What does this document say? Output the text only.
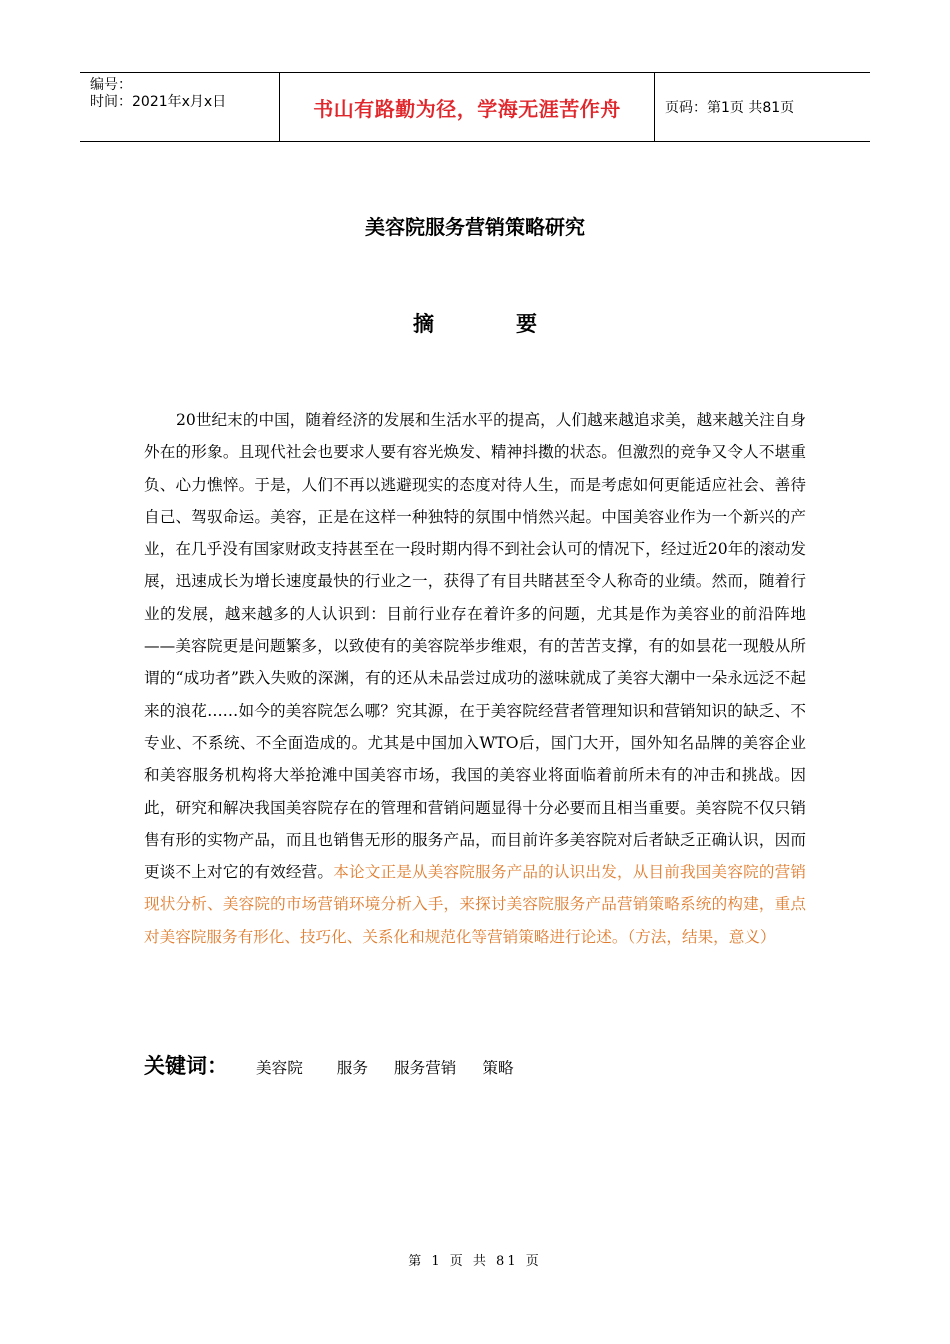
编号：
时间：2021年x月x日	书山有路勤为径，学海无涯苦作舟	页码：第1页 共81页
美容院服务营销策略研究
摘	要
20世纪末的中国，随着经济的发展和生活水平的提高，人们越来越追求美，越来越关注自身外在的形象。且现代社会也要求人要有容光焕发、精神抖擞的状态。但激烈的竞争又令人不堪重负、心力憔悴。于是，人们不再以逃避现实的态度对待人生，而是考虑如何更能适应社会、善待自己、驾驭命运。美容，正是在这样一种独特的氛围中悄然兴起。中国美容业作为一个新兴的产业，在几乎没有国家财政支持甚至在一段时期内得不到社会认可的情况下，经过近20年的滚动发展，迅速成长为增长速度最快的行业之一，获得了有目共睹甚至令人称奇的业绩。然而，随着行业的发展，越来越多的人认识到：目前行业存在着许多的问题，尤其是作为美容业的前沿阵地——美容院更是问题繁多，以致使有的美容院举步维艰，有的苦苦支撑，有的如昙花一现般从所谓的“成功者”跌入失败的深渊，有的还从未品尝过成功的滋味就成了美容大潮中一朵永远泛不起来的浪花……如今的美容院怎么哪？究其源，在于美容院经营者管理知识和营销知识的缺乏、不专业、不系统、不全面造成的。尤其是中国加入WTO后，国门大开，国外知名品牌的美容企业和美容服务机构将大举抢滩中国美容市场，我国的美容业将面临着前所未有的冲击和挑战。因此，研究和解决我国美容院存在的管理和营销问题显得十分必要而且相当重要。美容院不仅只销售有形的实物产品，而且也销售无形的服务产品，而目前许多美容院对后者缺乏正确认识，因而更谈不上对它的有效经营。本论文正是从美容院服务产品的认识出发，从目前我国美容院的营销现状分析、美容院的市场营销环境分析入手，来探讨美容院服务产品营销策略系统的构建，重点对美容院服务有形化、技巧化、关系化和规范化等营销策略进行论述。（方法，结果，意义）
关键词： 美容院 服务 服务营销 策略
第 1 页 共 81 页
